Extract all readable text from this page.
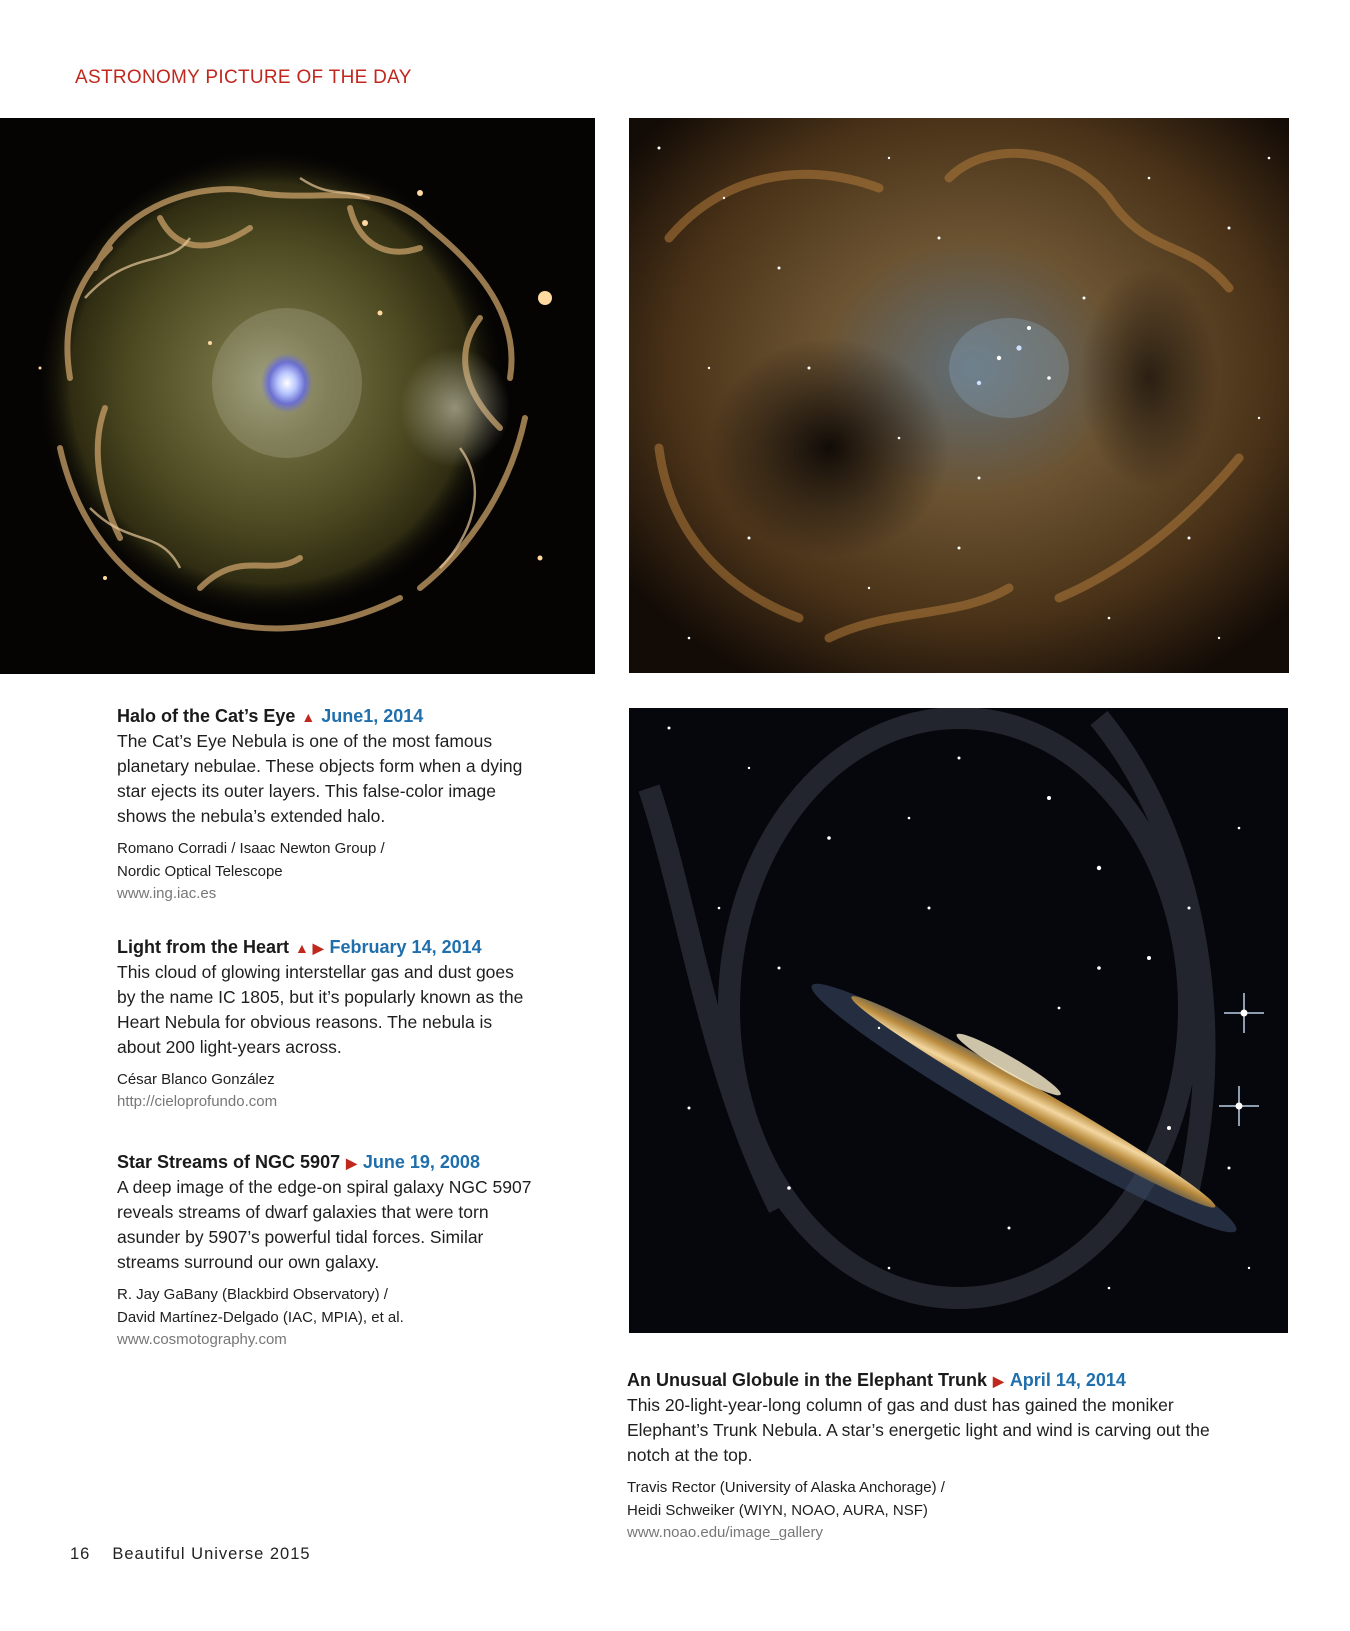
ASTRONOMY PICTURE OF THE DAY
Halo of the Cat’s Eye ▲ June1, 2014
The Cat’s Eye Nebula is one of the most famous planetary nebulae. These objects form when a dying star ejects its outer layers. This false-color image shows the nebula’s extended halo.
Romano Corradi / Isaac Newton Group /
Nordic Optical Telescope
www.ing.iac.es
Light from the Heart ▲ ▶ February 14, 2014
This cloud of glowing interstellar gas and dust goes by the name IC 1805, but it’s popularly known as the Heart Nebula for obvious reasons. The nebula is about 200 light-years across.
César Blanco González
http://cieloprofundo.com
Star Streams of NGC 5907 ▶ June 19, 2008
A deep image of the edge-on spiral galaxy NGC 5907 reveals streams of dwarf galaxies that were torn asunder by 5907’s powerful tidal forces. Similar streams surround our own galaxy.
R. Jay GaBany (Blackbird Observatory) /
David Martínez-Delgado (IAC, MPIA), et al.
www.cosmotography.com
An Unusual Globule in the Elephant Trunk ▶ April 14, 2014
This 20-light-year-long column of gas and dust has gained the moniker Elephant’s Trunk Nebula. A star’s energetic light and wind is carving out the notch at the top.
Travis Rector (University of Alaska Anchorage) /
Heidi Schweiker (WIYN, NOAO, AURA, NSF)
www.noao.edu/image_gallery
16 Beautiful Universe 2015
